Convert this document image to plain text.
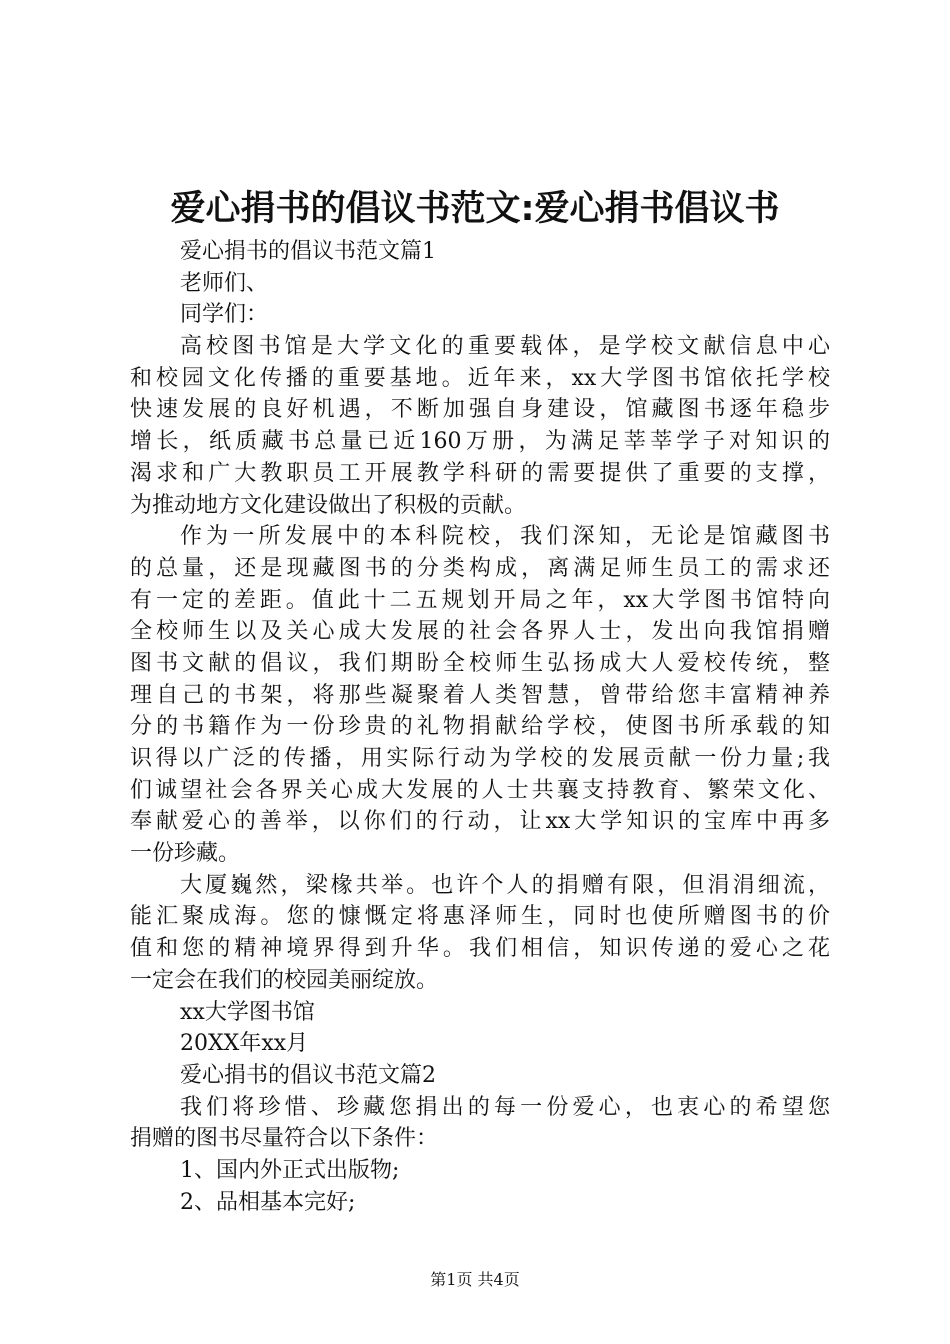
爱心捐书的倡议书范文:爱心捐书倡议书
爱心捐书的倡议书范文篇1
老师们、
同学们：
高校图书馆是大学文化的重要载体，是学校文献信息中心
和校园文化传播的重要基地。近年来，xx大学图书馆依托学校
快速发展的良好机遇，不断加强自身建设，馆藏图书逐年稳步
增长，纸质藏书总量已近160万册，为满足莘莘学子对知识的
渴求和广大教职员工开展教学科研的需要提供了重要的支撑，
为推动地方文化建设做出了积极的贡献。
作为一所发展中的本科院校，我们深知，无论是馆藏图书
的总量，还是现藏图书的分类构成，离满足师生员工的需求还
有一定的差距。值此十二五规划开局之年，xx大学图书馆特向
全校师生以及关心成大发展的社会各界人士，发出向我馆捐赠
图书文献的倡议，我们期盼全校师生弘扬成大人爱校传统，整
理自己的书架，将那些凝聚着人类智慧，曾带给您丰富精神养
分的书籍作为一份珍贵的礼物捐献给学校，使图书所承载的知
识得以广泛的传播，用实际行动为学校的发展贡献一份力量;我
们诚望社会各界关心成大发展的人士共襄支持教育、繁荣文化、
奉献爱心的善举，以你们的行动，让xx大学知识的宝库中再多
一份珍藏。
大厦巍然，梁椽共举。也许个人的捐赠有限，但涓涓细流，
能汇聚成海。您的慷慨定将惠泽师生，同时也使所赠图书的价
值和您的精神境界得到升华。我们相信，知识传递的爱心之花
一定会在我们的校园美丽绽放。
xx大学图书馆
20XX年xx月
爱心捐书的倡议书范文篇2
我们将珍惜、珍藏您捐出的每一份爱心，也衷心的希望您
捐赠的图书尽量符合以下条件：
1、国内外正式出版物;
2、品相基本完好;
第1页 共4页
